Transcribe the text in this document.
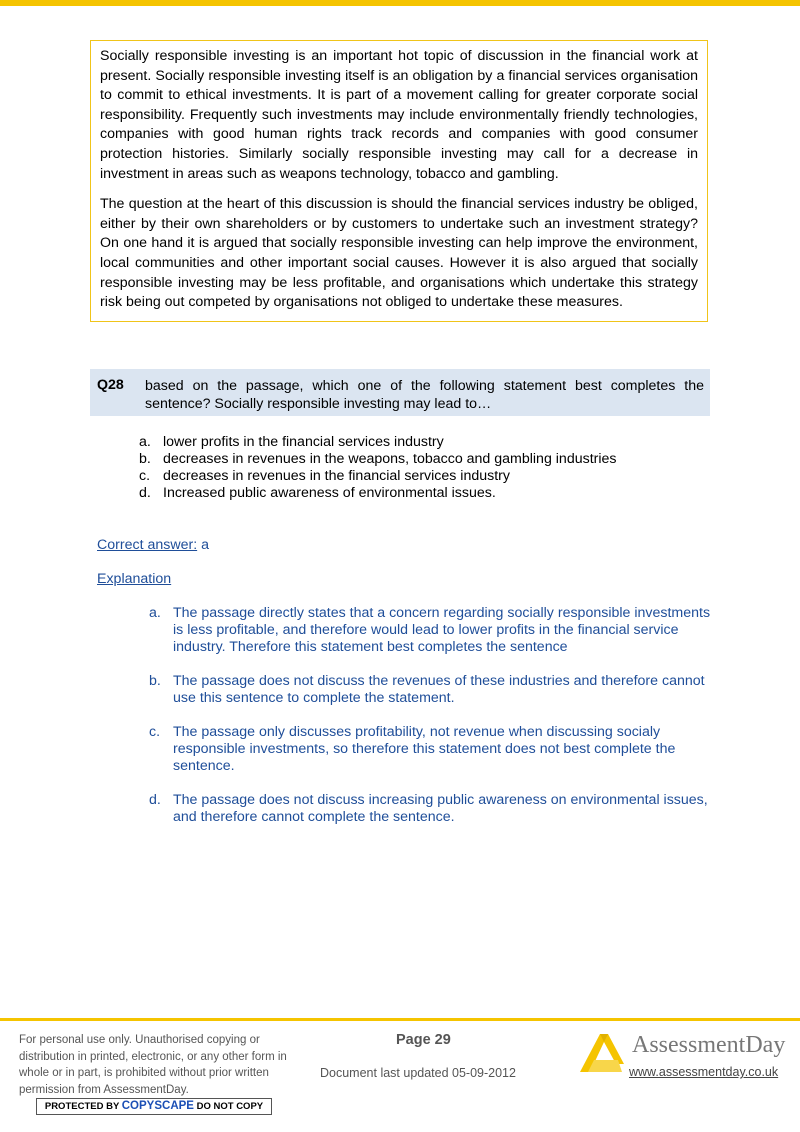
Socially responsible investing is an important hot topic of discussion in the financial work at present. Socially responsible investing itself is an obligation by a financial services organisation to commit to ethical investments. It is part of a movement calling for greater corporate social responsibility. Frequently such investments may include environmentally friendly technologies, companies with good human rights track records and companies with good consumer protection histories. Similarly socially responsible investing may call for a decrease in investment in areas such as weapons technology, tobacco and gambling.

The question at the heart of this discussion is should the financial services industry be obliged, either by their own shareholders or by customers to undertake such an investment strategy? On one hand it is argued that socially responsible investing can help improve the environment, local communities and other important social causes. However it is also argued that socially responsible investing may be less profitable, and organisations which undertake this strategy risk being out competed by organisations not obliged to undertake these measures.

Q28 based on the passage, which one of the following statement best completes the sentence? Socially responsible investing may lead to…
a. lower profits in the financial services industry
b. decreases in revenues in the weapons, tobacco and gambling industries
c. decreases in revenues in the financial services industry
d. Increased public awareness of environmental issues.
Correct answer: a
Explanation
a. The passage directly states that a concern regarding socially responsible investments is less profitable, and therefore would lead to lower profits in the financial service industry. Therefore this statement best completes the sentence
b. The passage does not discuss the revenues of these industries and therefore cannot use this sentence to complete the statement.
c. The passage only discusses profitability, not revenue when discussing socialy responsible investments, so therefore this statement does not best complete the sentence.
d. The passage does not discuss increasing public awareness on environmental issues, and therefore cannot complete the sentence.
For personal use only. Unauthorised copying or distribution in printed, electronic, or any other form in whole or in part, is prohibited without prior written permission from AssessmentDay.
PROTECTED BY COPYSCAPE DO NOT COPY
Page 29
Document last updated 05-09-2012
AssessmentDay
www.assessmentday.co.uk
